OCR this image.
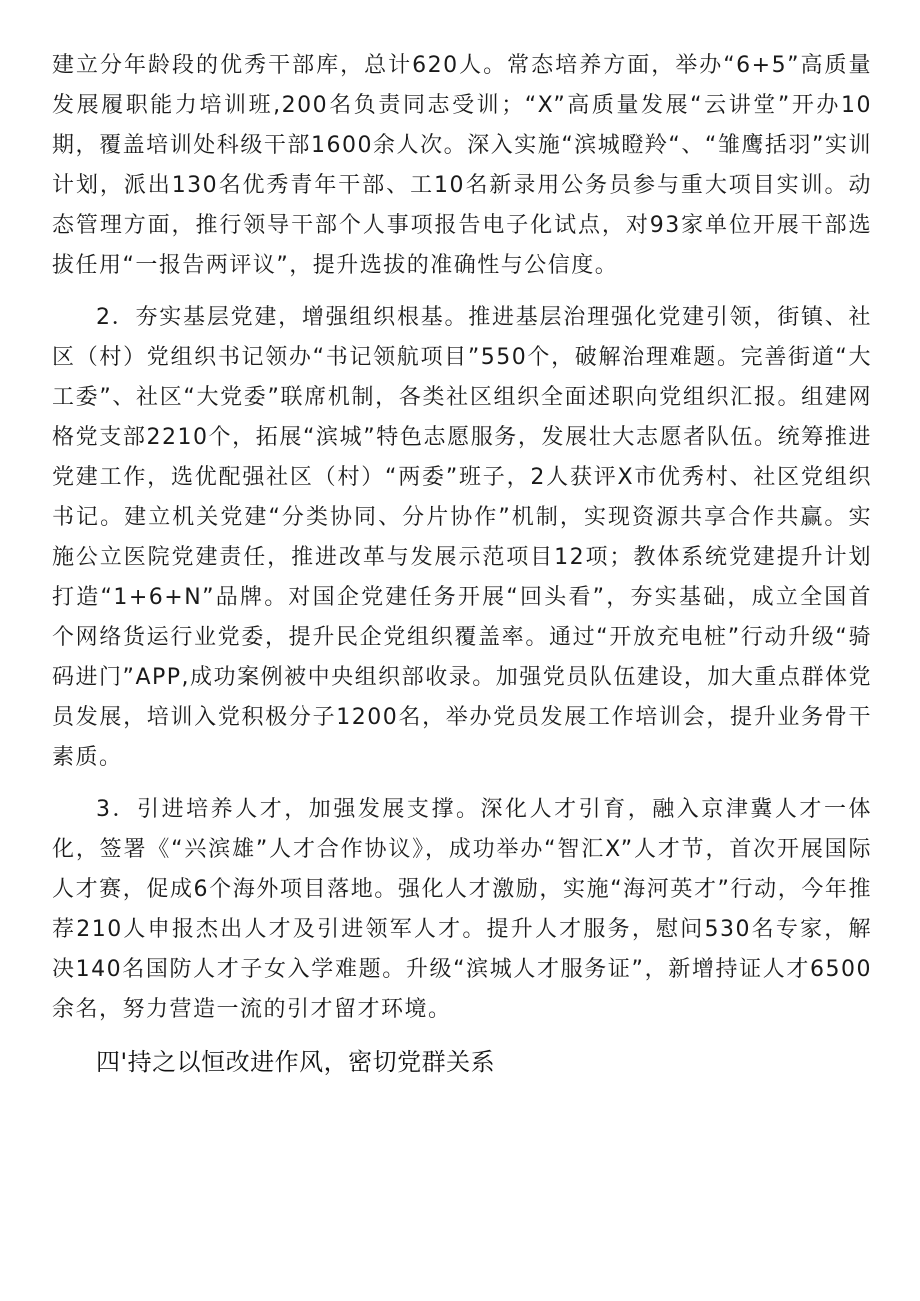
建立分年龄段的优秀干部库，总计620人。常态培养方面，举办“6+5”高质量发展履职能力培训班,200名负责同志受训；“X”高质量发展“云讲堂”开办10期，覆盖培训处科级干部1600余人次。深入实施“滨城瞪羚“、“雏鹰括羽”实训计划，派出130名优秀青年干部、工10名新录用公务员参与重大项目实训。动态管理方面，推行领导干部个人事项报告电子化试点，对93家单位开展干部选拔任用“一报告两评议”，提升选拔的准确性与公信度。

2．夯实基层党建，增强组织根基。推进基层治理强化党建引领，街镇、社区（村）党组织书记领办“书记领航项目”550个，破解治理难题。完善街道“大工委”、社区“大党委”联席机制，各类社区组织全面述职向党组织汇报。组建网格党支部2210个，拓展“滨城”特色志愿服务，发展壮大志愿者队伍。统筹推进党建工作，选优配强社区（村）“两委”班子，2人获评X市优秀村、社区党组织书记。建立机关党建“分类协同、分片协作”机制，实现资源共享合作共赢。实施公立医院党建责任，推进改革与发展示范项目12项；教体系统党建提升计划打造“1+6+N”品牌。对国企党建任务开展“回头看”，夯实基础，成立全国首个网络货运行业党委，提升民企党组织覆盖率。通过“开放充电桩”行动升级“骑码进门”APP,成功案例被中央组织部收录。加强党员队伍建设，加大重点群体党员发展，培训入党积极分子1200名，举办党员发展工作培训会，提升业务骨干素质。

3．引进培养人才，加强发展支撑。深化人才引育，融入京津冀人才一体化，签署《“兴滨雄”人才合作协议》，成功举办“智汇X”人才节，首次开展国际人才赛，促成6个海外项目落地。强化人才激励，实施“海河英才”行动，今年推荐210人申报杰出人才及引进领军人才。提升人才服务，慰问530名专家，解决140名国防人才子女入学难题。升级“滨城人才服务证”，新增持证人才6500余名，努力营造一流的引才留才环境。

四'持之以恒改进作风，密切党群关系
